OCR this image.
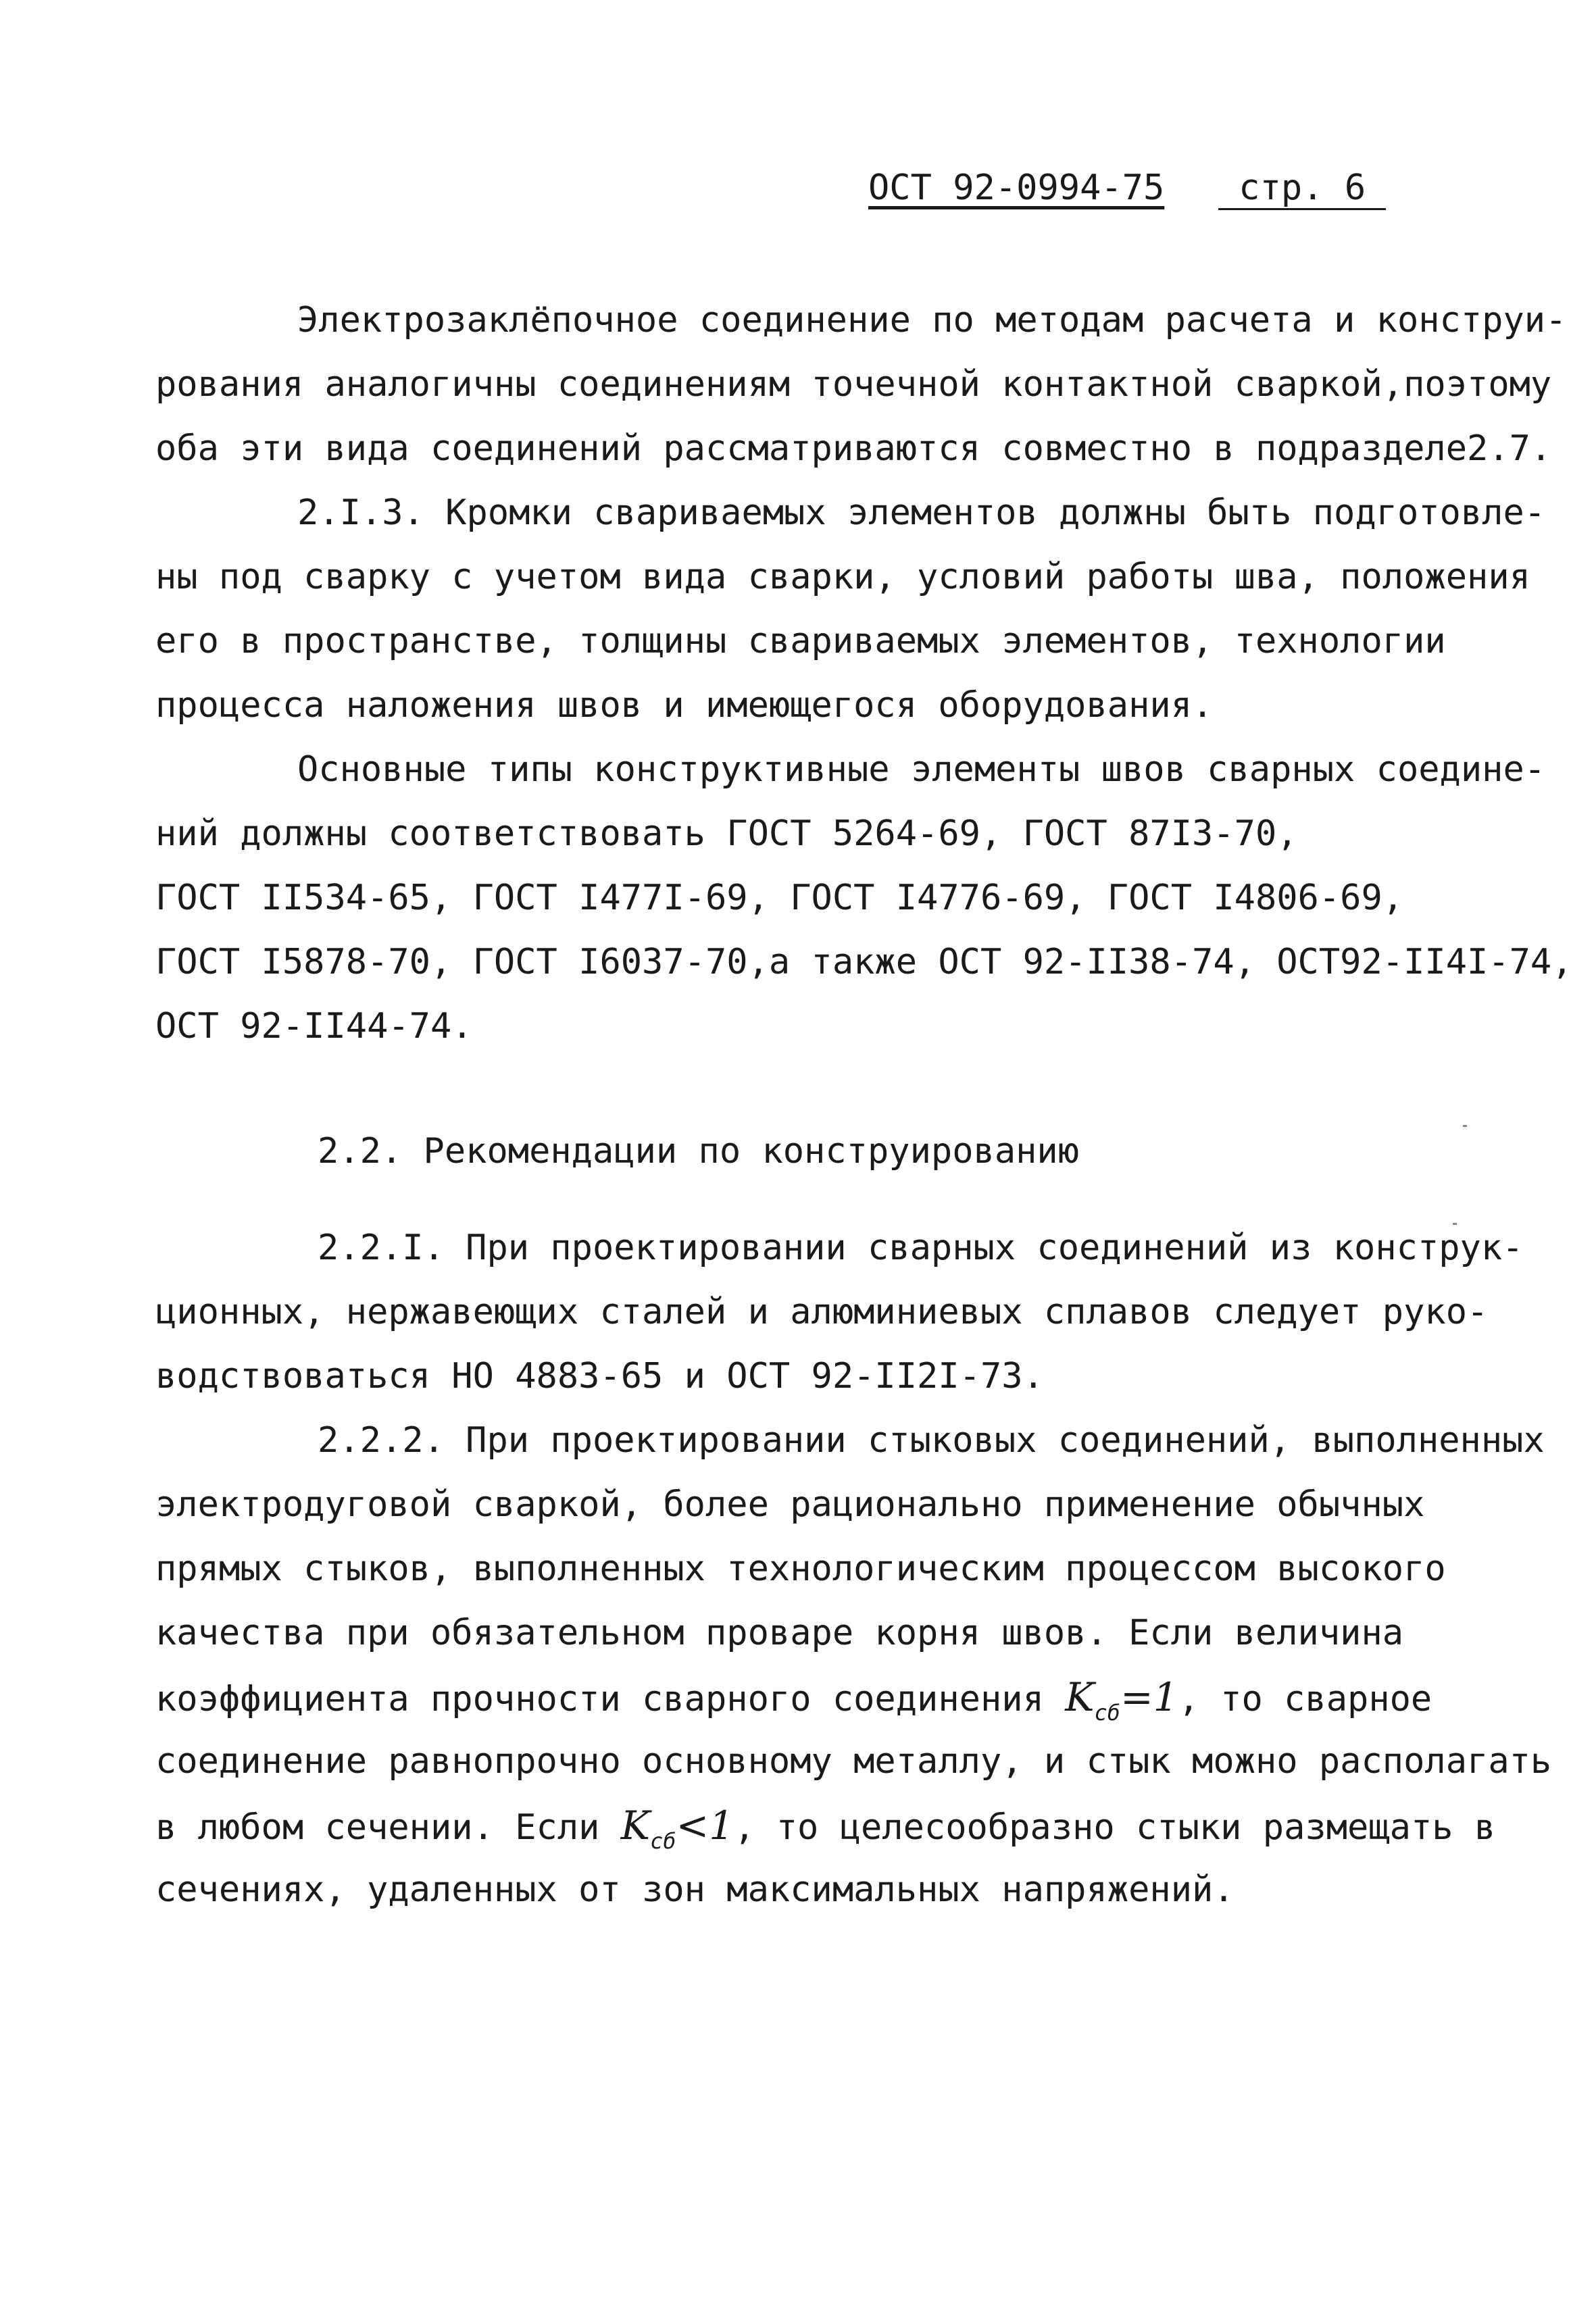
ОСТ 92-0994-75 стр. 6
Электрозаклёпочное соединение по методам расчета и конструи-
рования аналогичны соединениям точечной контактной сваркой,поэтому
оба эти вида соединений рассматриваются совместно в подразделе2.7.
2.I.3. Кромки свариваемых элементов должны быть подготовле-
ны под сварку с учетом вида сварки, условий работы шва, положения
его в пространстве, толщины свариваемых элементов, технологии
процесса наложения швов и имеющегося оборудования.
Основные типы конструктивные элементы швов сварных соедине-
ний должны соответствовать ГОСТ 5264-69, ГОСТ 87I3-70,
ГОСТ II534-65, ГОСТ I477I-69, ГОСТ I4776-69, ГОСТ I4806-69,
ГОСТ I5878-70, ГОСТ I6037-70,а также ОСТ 92-II38-74, ОСТ92-II4I-74,
ОСТ 92-II44-74.
2.2. Рекомендации по конструированию
2.2.I. При проектировании сварных соединений из конструк-
ционных, нержавеющих сталей и алюминиевых сплавов следует руко-
водствоваться НО 4883-65 и ОСТ 92-II2I-73.
2.2.2. При проектировании стыковых соединений, выполненных
электродуговой сваркой, более рационально применение обычных
прямых стыков, выполненных технологическим процессом высокого
качества при обязательном проваре корня швов. Если величина
коэффициента прочности сварного соединения $K_{сб}=1$, то сварное
соединение равнопрочно основному металлу, и стык можно располагать
в любом сечении. Если $K_{сб}<1$, то целесообразно стыки размещать в
сечениях, удаленных от зон максимальных напряжений.
